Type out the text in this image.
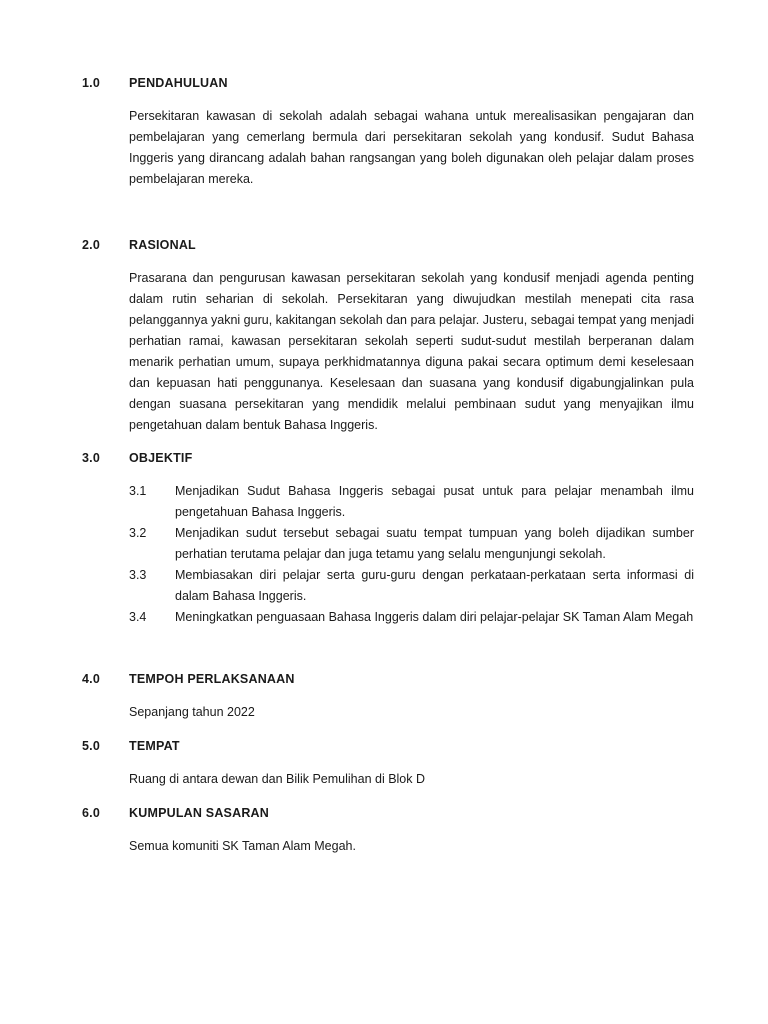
1.0 PENDAHULUAN
Persekitaran kawasan di sekolah adalah sebagai wahana untuk merealisasikan pengajaran dan pembelajaran yang cemerlang bermula dari persekitaran sekolah yang kondusif. Sudut Bahasa Inggeris yang dirancang adalah bahan rangsangan yang boleh digunakan oleh pelajar dalam proses pembelajaran mereka.
2.0 RASIONAL
Prasarana dan pengurusan kawasan persekitaran sekolah yang kondusif menjadi agenda penting dalam rutin seharian di sekolah. Persekitaran yang diwujudkan mestilah menepati cita rasa pelanggannya yakni guru, kakitangan sekolah dan para pelajar. Justeru, sebagai tempat yang menjadi perhatian ramai, kawasan persekitaran sekolah seperti sudut-sudut mestilah berperanan dalam menarik perhatian umum, supaya perkhidmatannya diguna pakai secara optimum demi keselesaan dan kepuasan hati penggunanya. Keselesaan dan suasana yang kondusif digabungjalinkan pula dengan suasana persekitaran yang mendidik melalui pembinaan sudut yang menyajikan ilmu pengetahuan dalam bentuk Bahasa Inggeris.
3.0 OBJEKTIF
3.1 Menjadikan Sudut Bahasa Inggeris sebagai pusat untuk para pelajar menambah ilmu pengetahuan Bahasa Inggeris.
3.2 Menjadikan sudut tersebut sebagai suatu tempat tumpuan yang boleh dijadikan sumber perhatian terutama pelajar dan juga tetamu yang selalu mengunjungi sekolah.
3.3 Membiasakan diri pelajar serta guru-guru dengan perkataan-perkataan serta informasi di dalam Bahasa Inggeris.
3.4 Meningkatkan penguasaan Bahasa Inggeris dalam diri pelajar-pelajar SK Taman Alam Megah
4.0 TEMPOH PERLAKSANAAN
Sepanjang tahun 2022
5.0 TEMPAT
Ruang di antara dewan dan Bilik Pemulihan di Blok D
6.0 KUMPULAN SASARAN
Semua komuniti SK Taman Alam Megah.
